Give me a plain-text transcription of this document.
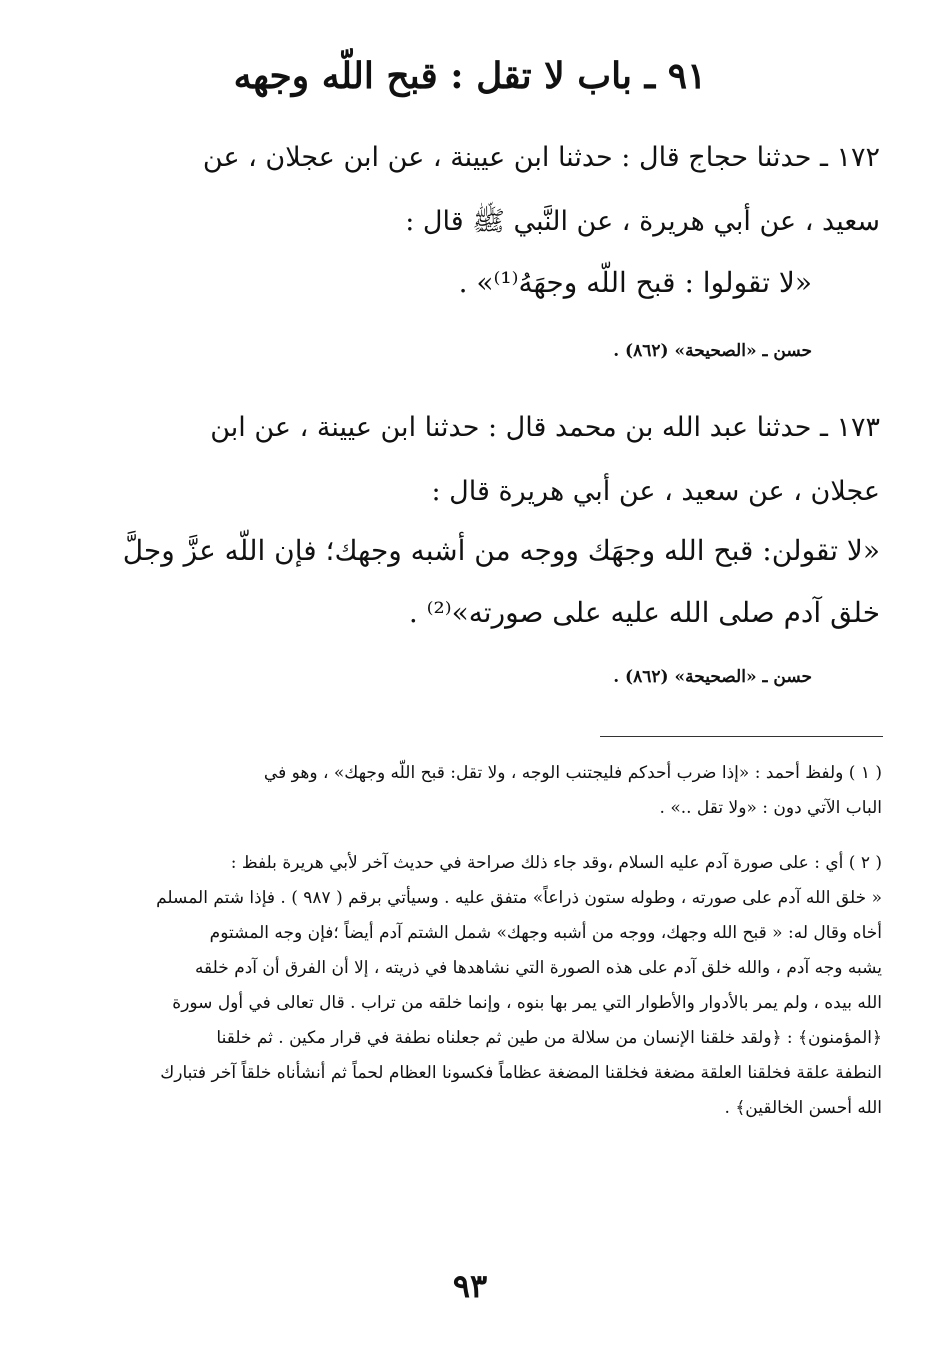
٩١ ـ باب لا تقل : قبح اللّه وجهه
١٧٢ ـ حدثنا حجاج قال : حدثنا ابن عيينة ، عن ابن عجلان ، عن
سعيد ، عن أبي هريرة ، عن النَّبي ﷺ قال :
«لا تقولوا : قبح اللّه وجهَهُ⁽¹⁾» .
حسن ـ «الصحيحة» (٨٦٢) .
١٧٣ ـ حدثنا عبد الله بن محمد قال : حدثنا ابن عيينة ، عن ابن
عجلان ، عن سعيد ، عن أبي هريرة قال :
«لا تقولن: قبح الله وجهَك ووجه من أشبه وجهك؛ فإن اللّه عزَّ وجلَّ
خلق آدم صلى الله عليه على صورته»⁽²⁾ .
حسن ـ «الصحيحة» (٨٦٢) .
( ١ ) ولفظ أحمد : «إذا ضرب أحدكم فليجتنب الوجه ، ولا تقل: قبح اللّه وجهك» ، وهو في
الباب الآتي دون : «ولا تقل ..» .
( ٢ ) أي : على صورة آدم عليه السلام ،وقد جاء ذلك صراحة في حديث آخر لأبي هريرة بلفظ :
« خلق الله آدم على صورته ، وطوله ستون ذراعاً» متفق عليه . وسيأتي برقم ( ٩٨٧ ) . فإذا شتم المسلم
أخاه وقال له: « قبح الله وجهك، ووجه من أشبه وجهك» شمل الشتم آدم أيضاً ؛فإن وجه المشتوم
يشبه وجه آدم ، والله خلق آدم على هذه الصورة التي نشاهدها في ذريته ، إلا أن الفرق أن آدم خلقه
الله بيده ، ولم يمر بالأدوار والأطوار التي يمر بها بنوه ، وإنما خلقه من تراب . قال تعالى في أول سورة
﴿المؤمنون﴾ : ﴿ولقد خلقنا الإنسان من سلالة من طين ثم جعلناه نطفة في قرار مكين . ثم خلقنا
النطفة علقة فخلقنا العلقة مضغة فخلقنا المضغة عظاماً فكسونا العظام لحماً ثم أنشأناه خلقاً آخر فتبارك
الله أحسن الخالقين﴾ .
٩٣
